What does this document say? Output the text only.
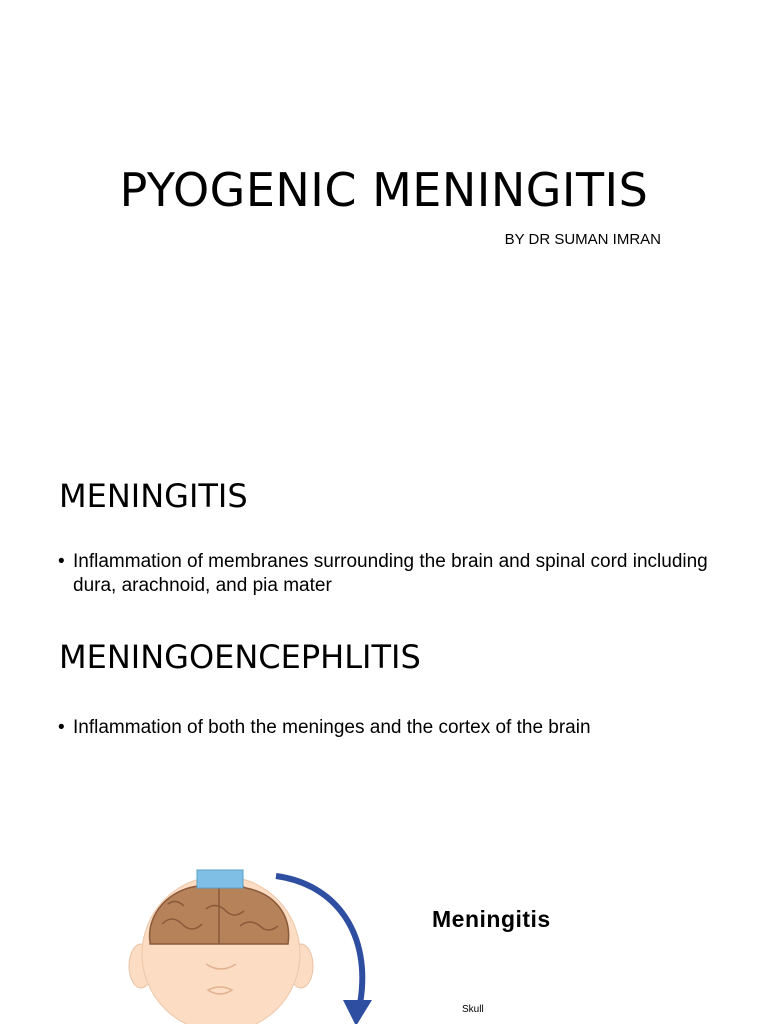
PYOGENIC MENINGITIS
BY DR SUMAN IMRAN
MENINGITIS
• Inflammation of membranes surrounding the brain and spinal cord including dura, arachnoid, and pia mater
MENINGOENCEPHLITIS
• Inflammation of both the meninges and the cortex of the brain
Meningitis
Skull
